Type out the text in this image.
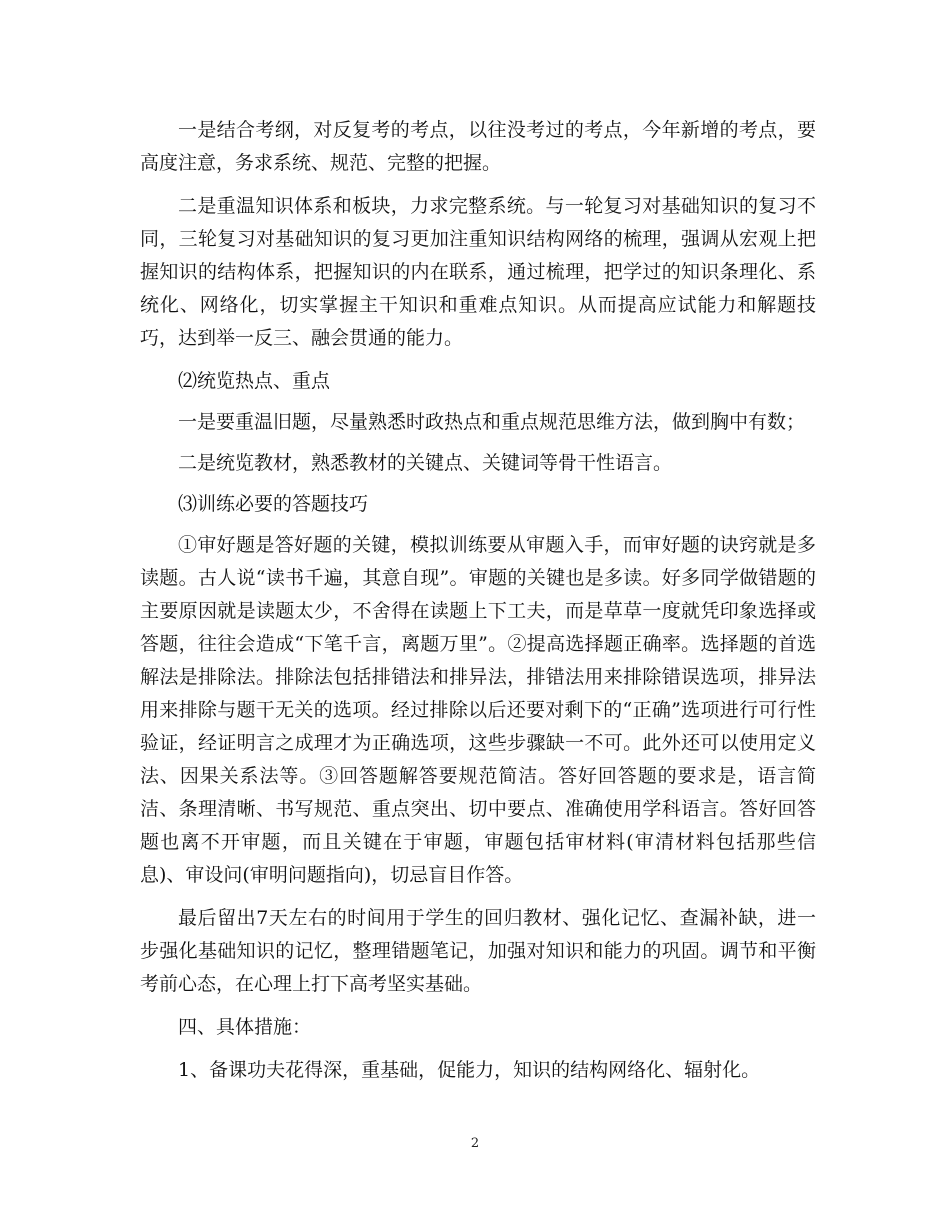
一是结合考纲，对反复考的考点，以往没考过的考点，今年新增的考点，要高度注意，务求系统、规范、完整的把握。

二是重温知识体系和板块，力求完整系统。与一轮复习对基础知识的复习不同，三轮复习对基础知识的复习更加注重知识结构网络的梳理，强调从宏观上把握知识的结构体系，把握知识的内在联系，通过梳理，把学过的知识条理化、系统化、网络化，切实掌握主干知识和重难点知识。从而提高应试能力和解题技巧，达到举一反三、融会贯通的能力。

⑵统览热点、重点

一是要重温旧题，尽量熟悉时政热点和重点规范思维方法，做到胸中有数；

二是统览教材，熟悉教材的关键点、关键词等骨干性语言。

⑶训练必要的答题技巧

①审好题是答好题的关键，模拟训练要从审题入手，而审好题的诀窍就是多读题。古人说“读书千遍，其意自现”。审题的关键也是多读。好多同学做错题的主要原因就是读题太少，不舍得在读题上下工夫，而是草草一度就凭印象选择或答题，往往会造成“下笔千言，离题万里”。②提高选择题正确率。选择题的首选解法是排除法。排除法包括排错法和排异法，排错法用来排除错误选项，排异法用来排除与题干无关的选项。经过排除以后还要对剩下的“正确”选项进行可行性验证，经证明言之成理才为正确选项，这些步骤缺一不可。此外还可以使用定义法、因果关系法等。③回答题解答要规范简洁。答好回答题的要求是，语言简洁、条理清晰、书写规范、重点突出、切中要点、准确使用学科语言。答好回答题也离不开审题，而且关键在于审题，审题包括审材料(审清材料包括那些信息)、审设问(审明问题指向)，切忌盲目作答。

最后留出7天左右的时间用于学生的回归教材、强化记忆、查漏补缺，进一步强化基础知识的记忆，整理错题笔记，加强对知识和能力的巩固。调节和平衡考前心态，在心理上打下高考坚实基础。

四、具体措施：

1、备课功夫花得深，重基础，促能力，知识的结构网络化、辐射化。

2
